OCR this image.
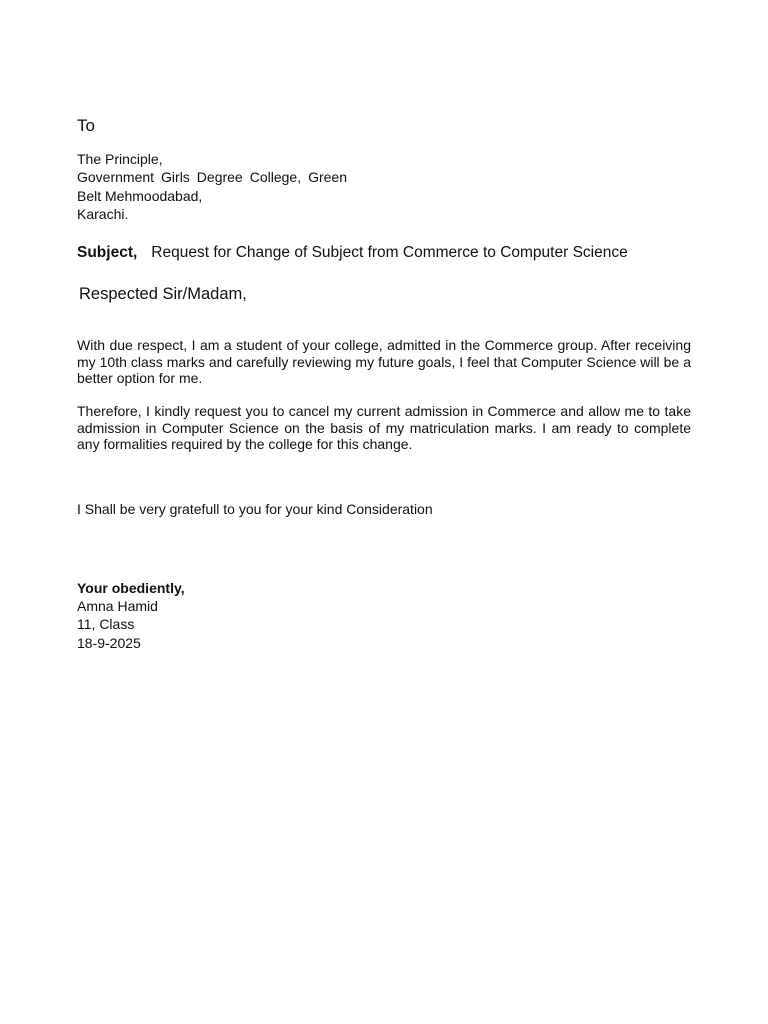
To
The Principle,
Government Girls Degree College, Green
Belt Mehmoodabad,
Karachi.
Subject, Request for Change of Subject from Commerce to Computer Science
Respected Sir/Madam,
With due respect, I am a student of your college, admitted in the Commerce group. After receiving my 10th class marks and carefully reviewing my future goals, I feel that Computer Science will be a better option for me.
Therefore, I kindly request you to cancel my current admission in Commerce and allow me to take admission in Computer Science on the basis of my matriculation marks. I am ready to complete any formalities required by the college for this change.
I Shall be very gratefull to you for your kind Consideration
Your obediently,
Amna Hamid
11, Class
18-9-2025
